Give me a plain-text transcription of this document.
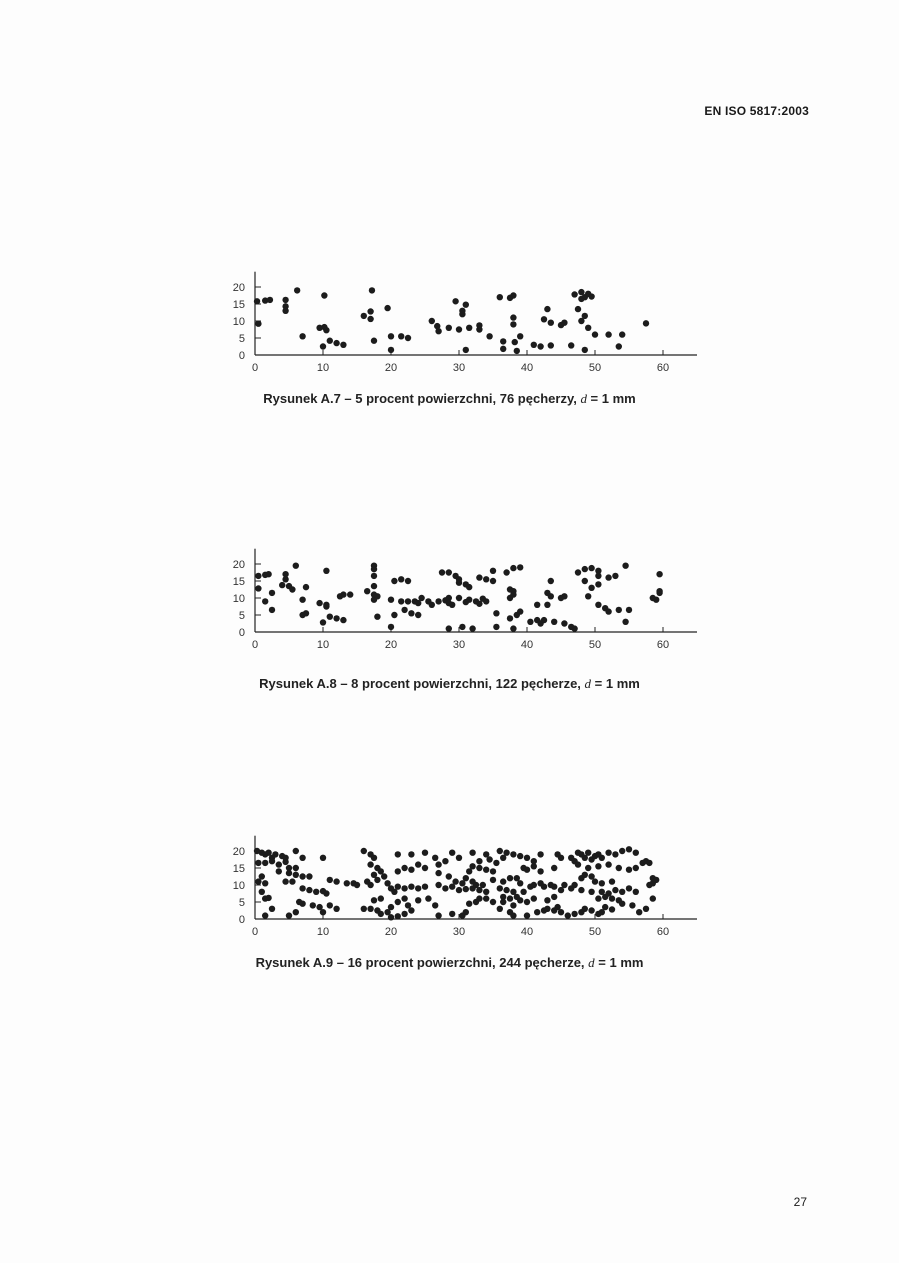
EN ISO 5817:2003
0	10	20	30	40	50	60
0
5
10
15
20
Rysunek A.7 – 5 procent powierzchni, 76 pęcherzy, d = 1 mm
0	10	20	30	40	50	60
0
5
10
15
20
Rysunek A.8 – 8 procent powierzchni, 122 pęcherze, d = 1 mm
0	10	20	30	40	50	60
0
5
10
15
20
Rysunek A.9 – 16 procent powierzchni, 244 pęcherze, d = 1 mm
27
